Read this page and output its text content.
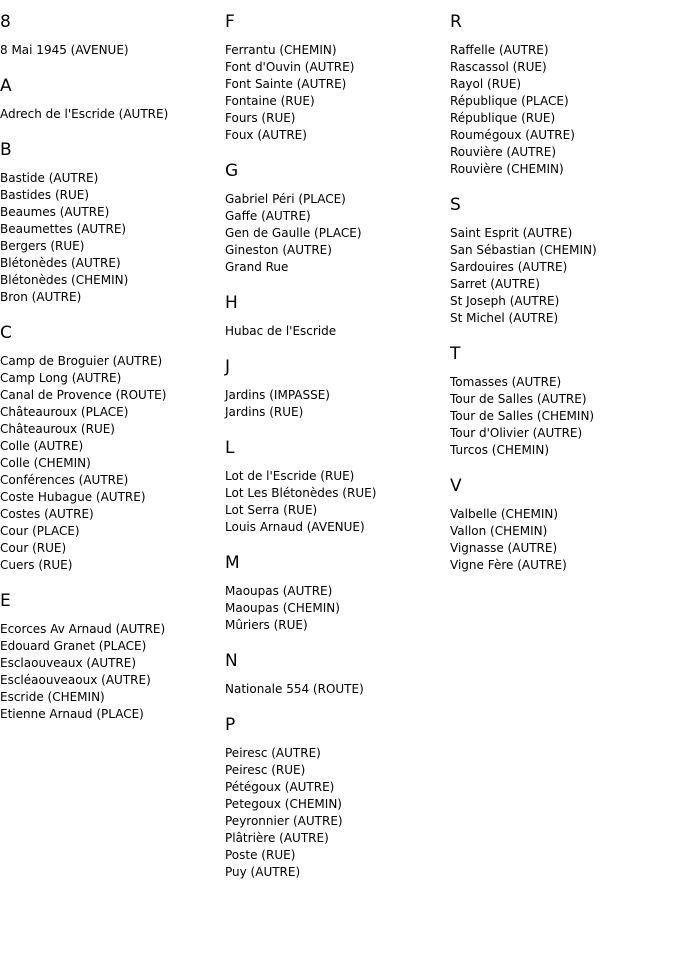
8
8 Mai 1945 (AVENUE)
A
Adrech de l'Escride (AUTRE)
B
Bastide (AUTRE)
Bastides (RUE)
Beaumes (AUTRE)
Beaumettes (AUTRE)
Bergers (RUE)
Blétonèdes (AUTRE)
Blétonèdes (CHEMIN)
Bron (AUTRE)
C
Camp de Broguier (AUTRE)
Camp Long (AUTRE)
Canal de Provence (ROUTE)
Châteauroux (PLACE)
Châteauroux (RUE)
Colle (AUTRE)
Colle (CHEMIN)
Conférences (AUTRE)
Coste Hubague (AUTRE)
Costes (AUTRE)
Cour (PLACE)
Cour (RUE)
Cuers (RUE)
E
Ecorces Av Arnaud (AUTRE)
Edouard Granet (PLACE)
Esclaouveaux (AUTRE)
Escléaouveaoux (AUTRE)
Escride (CHEMIN)
Etienne Arnaud (PLACE)
F
Ferrantu (CHEMIN)
Font d'Ouvin (AUTRE)
Font Sainte (AUTRE)
Fontaine (RUE)
Fours (RUE)
Foux (AUTRE)
G
Gabriel Péri (PLACE)
Gaffe (AUTRE)
Gen de Gaulle (PLACE)
Gineston (AUTRE)
Grand Rue
H
Hubac de l'Escride
J
Jardins (IMPASSE)
Jardins (RUE)
L
Lot de l'Escride (RUE)
Lot Les Blétonèdes (RUE)
Lot Serra (RUE)
Louis Arnaud (AVENUE)
M
Maoupas (AUTRE)
Maoupas (CHEMIN)
Mûriers (RUE)
N
Nationale 554 (ROUTE)
P
Peiresc (AUTRE)
Peiresc (RUE)
Pétégoux (AUTRE)
Petegoux (CHEMIN)
Peyronnier (AUTRE)
Plâtrière (AUTRE)
Poste (RUE)
Puy (AUTRE)
R
Raffelle (AUTRE)
Rascassol (RUE)
Rayol (RUE)
République (PLACE)
République (RUE)
Roumégoux (AUTRE)
Rouvière (AUTRE)
Rouvière (CHEMIN)
S
Saint Esprit (AUTRE)
San Sébastian (CHEMIN)
Sardouires (AUTRE)
Sarret (AUTRE)
St Joseph (AUTRE)
St Michel (AUTRE)
T
Tomasses (AUTRE)
Tour de Salles (AUTRE)
Tour de Salles (CHEMIN)
Tour d'Olivier (AUTRE)
Turcos (CHEMIN)
V
Valbelle (CHEMIN)
Vallon (CHEMIN)
Vignasse (AUTRE)
Vigne Fère (AUTRE)
